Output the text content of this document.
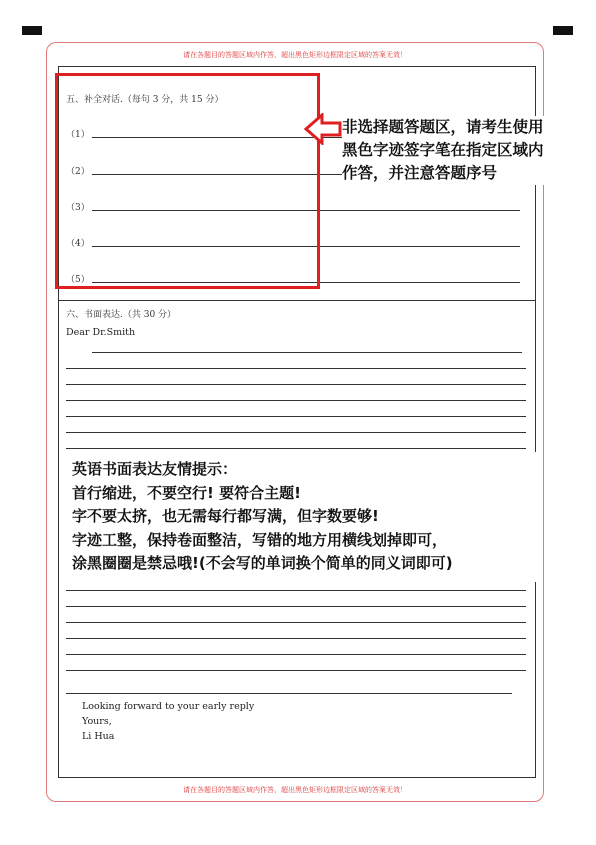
请在各题目的答题区域内作答，超出黑色矩形边框限定区域的答案无效！
五、补全对话.（每句 3 分，共 15 分）
（1）
（2）
（3）
（4）
（5）
非选择题答题区，请考生使用
黑色字迹签字笔在指定区域内
作答，并注意答题序号
六、书面表达.（共 30 分）
Dear Dr.Smith
英语书面表达友情提示：
首行缩进，不要空行! 要符合主题!
字不要太挤，也无需每行都写满，但字数要够!
字迹工整，保持卷面整洁，写错的地方用横线划掉即可，
涂黑圈圈是禁忌哦!(不会写的单词换个简单的同义词即可)
Looking forward to your early reply
Yours,
Li Hua
请在各题目的答题区域内作答，超出黑色矩形边框限定区域的答案无效！
